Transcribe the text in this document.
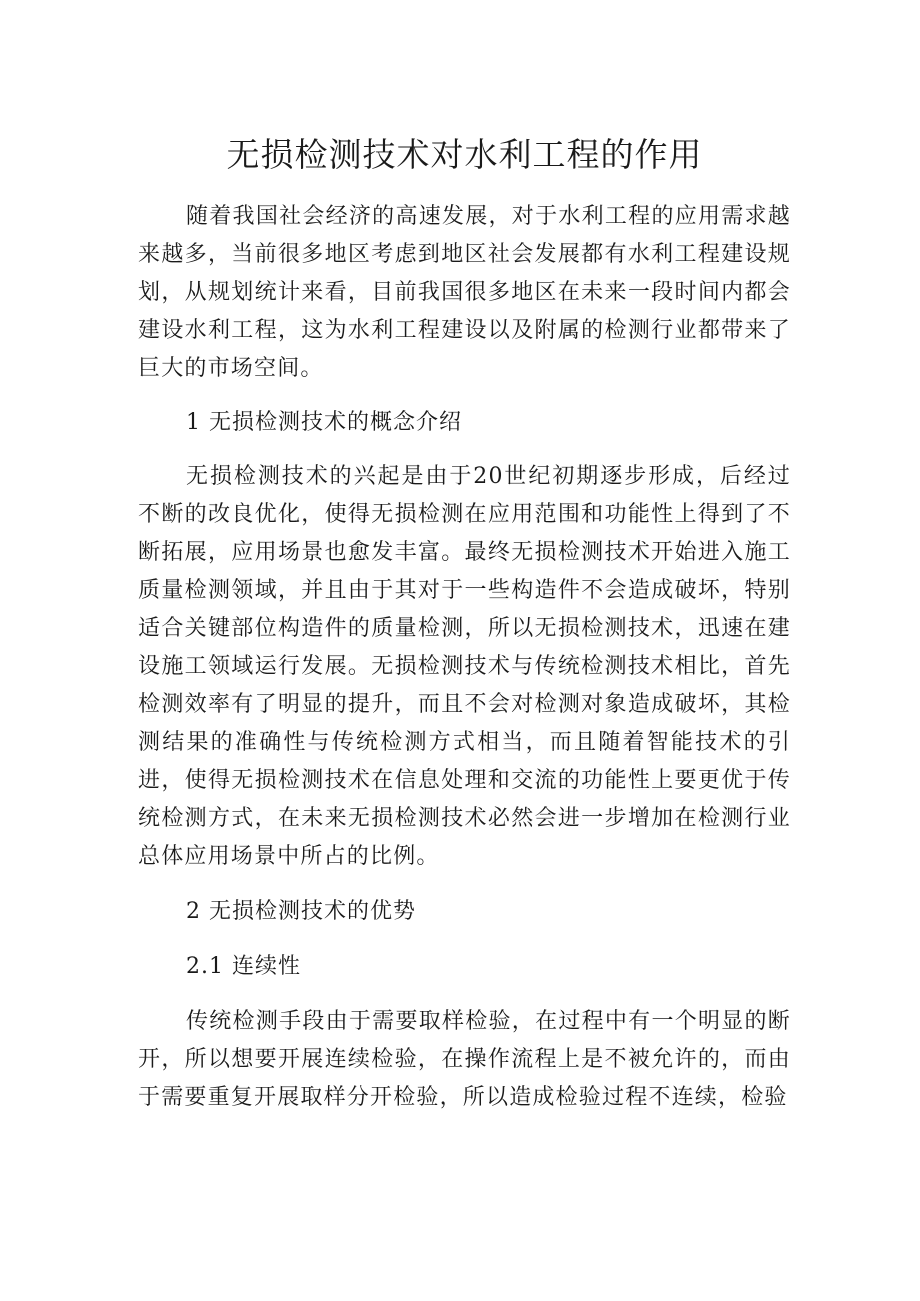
无损检测技术对水利工程的作用

随着我国社会经济的高速发展，对于水利工程的应用需求越来越多，当前很多地区考虑到地区社会发展都有水利工程建设规划，从规划统计来看，目前我国很多地区在未来一段时间内都会建设水利工程，这为水利工程建设以及附属的检测行业都带来了巨大的市场空间。

1 无损检测技术的概念介绍

无损检测技术的兴起是由于20世纪初期逐步形成，后经过不断的改良优化，使得无损检测在应用范围和功能性上得到了不断拓展，应用场景也愈发丰富。最终无损检测技术开始进入施工质量检测领域，并且由于其对于一些构造件不会造成破坏，特别适合关键部位构造件的质量检测，所以无损检测技术，迅速在建设施工领域运行发展。无损检测技术与传统检测技术相比，首先检测效率有了明显的提升，而且不会对检测对象造成破坏，其检测结果的准确性与传统检测方式相当，而且随着智能技术的引进，使得无损检测技术在信息处理和交流的功能性上要更优于传统检测方式，在未来无损检测技术必然会进一步增加在检测行业总体应用场景中所占的比例。

2 无损检测技术的优势

2.1 连续性

传统检测手段由于需要取样检验，在过程中有一个明显的断开，所以想要开展连续检验，在操作流程上是不被允许的，而由于需要重复开展取样分开检验，所以造成检验过程不连续，检验
